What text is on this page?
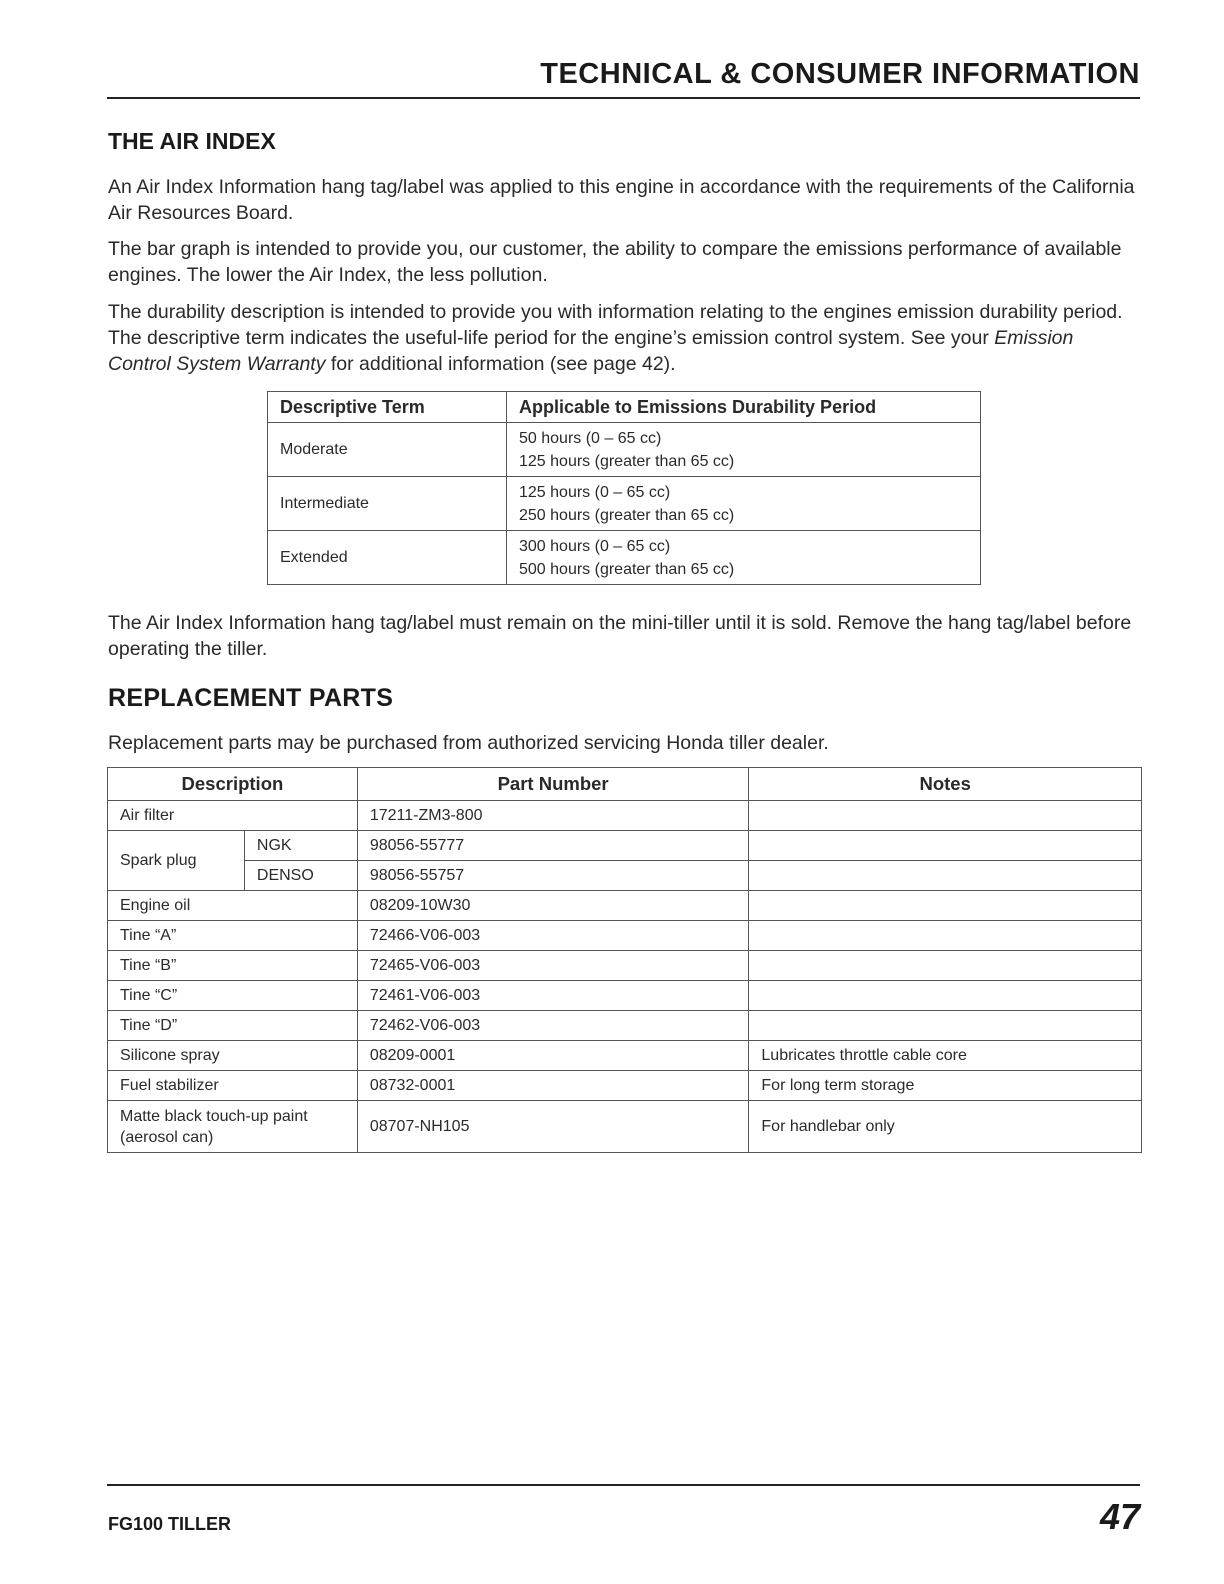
TECHNICAL & CONSUMER INFORMATION
THE AIR INDEX

An Air Index Information hang tag/label was applied to this engine in accordance with the requirements of the California Air Resources Board.

The bar graph is intended to provide you, our customer, the ability to compare the emissions performance of available engines. The lower the Air Index, the less pollution.

The durability description is intended to provide you with information relating to the engines emission durability period. The descriptive term indicates the useful-life period for the engine’s emission control system. See your Emission Control System Warranty for additional information (see page 42).

Descriptive Term	Applicable to Emissions Durability Period
Moderate	50 hours (0 – 65 cc)
125 hours (greater than 65 cc)

Intermediate	125 hours (0 – 65 cc)
250 hours (greater than 65 cc)

Extended	300 hours (0 – 65 cc)
500 hours (greater than 65 cc)

The Air Index Information hang tag/label must remain on the mini-tiller until it is sold. Remove the hang tag/label before operating the tiller.

REPLACEMENT PARTS

Replacement parts may be purchased from authorized servicing Honda tiller dealer.

Description		Part Number	Notes
Air filter		17211-ZM3-800	
Spark plug	NGK	98056-55777	
	DENSO	98056-55757	
Engine oil		08209-10W30	
Tine “A”		72466-V06-003	
Tine “B”		72465-V06-003	
Tine “C”		72461-V06-003	
Tine “D”		72462-V06-003	
Silicone spray		08209-0001	Lubricates throttle cable core
Fuel stabilizer		08732-0001	For long term storage
Matte black touch-up paint
(aerosol can)		08707-NH105	For handlebar only
FG100 TILLER	47
